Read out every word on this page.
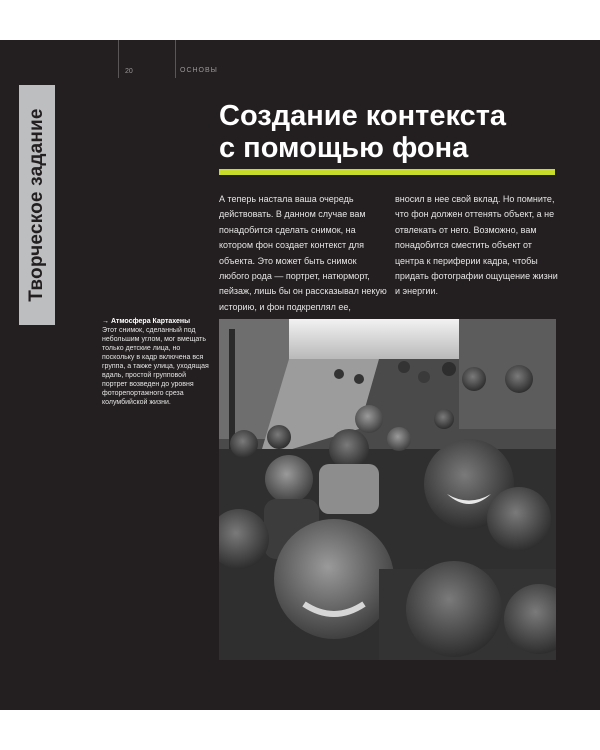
20	ОСНОВЫ
Творческое задание	Создание контекста
с помощью фона
А теперь настала ваша очередь действовать. В данном случае вам понадобится сделать снимок, на котором фон создает контекст для объекта. Это может быть снимок любого рода — портрет, натюрморт, пейзаж, лишь бы он рассказывал некую историю, и фон подкреплял ее,
вносил в нее свой вклад. Но помните, что фон должен оттенять объект, а не отвлекать от него. Возможно, вам понадобится сместить объект от центра к периферии кадра, чтобы придать фотографии ощущение жизни и энергии.
→ Атмосфера Картахены
Этот снимок, сделанный под небольшим углом, мог вмещать только детские лица, но поскольку в кадр включена вся группа, а также улица, уходящая вдаль, простой групповой портрет возведен до уровня фоторепортажного среза колумбийской жизни.
